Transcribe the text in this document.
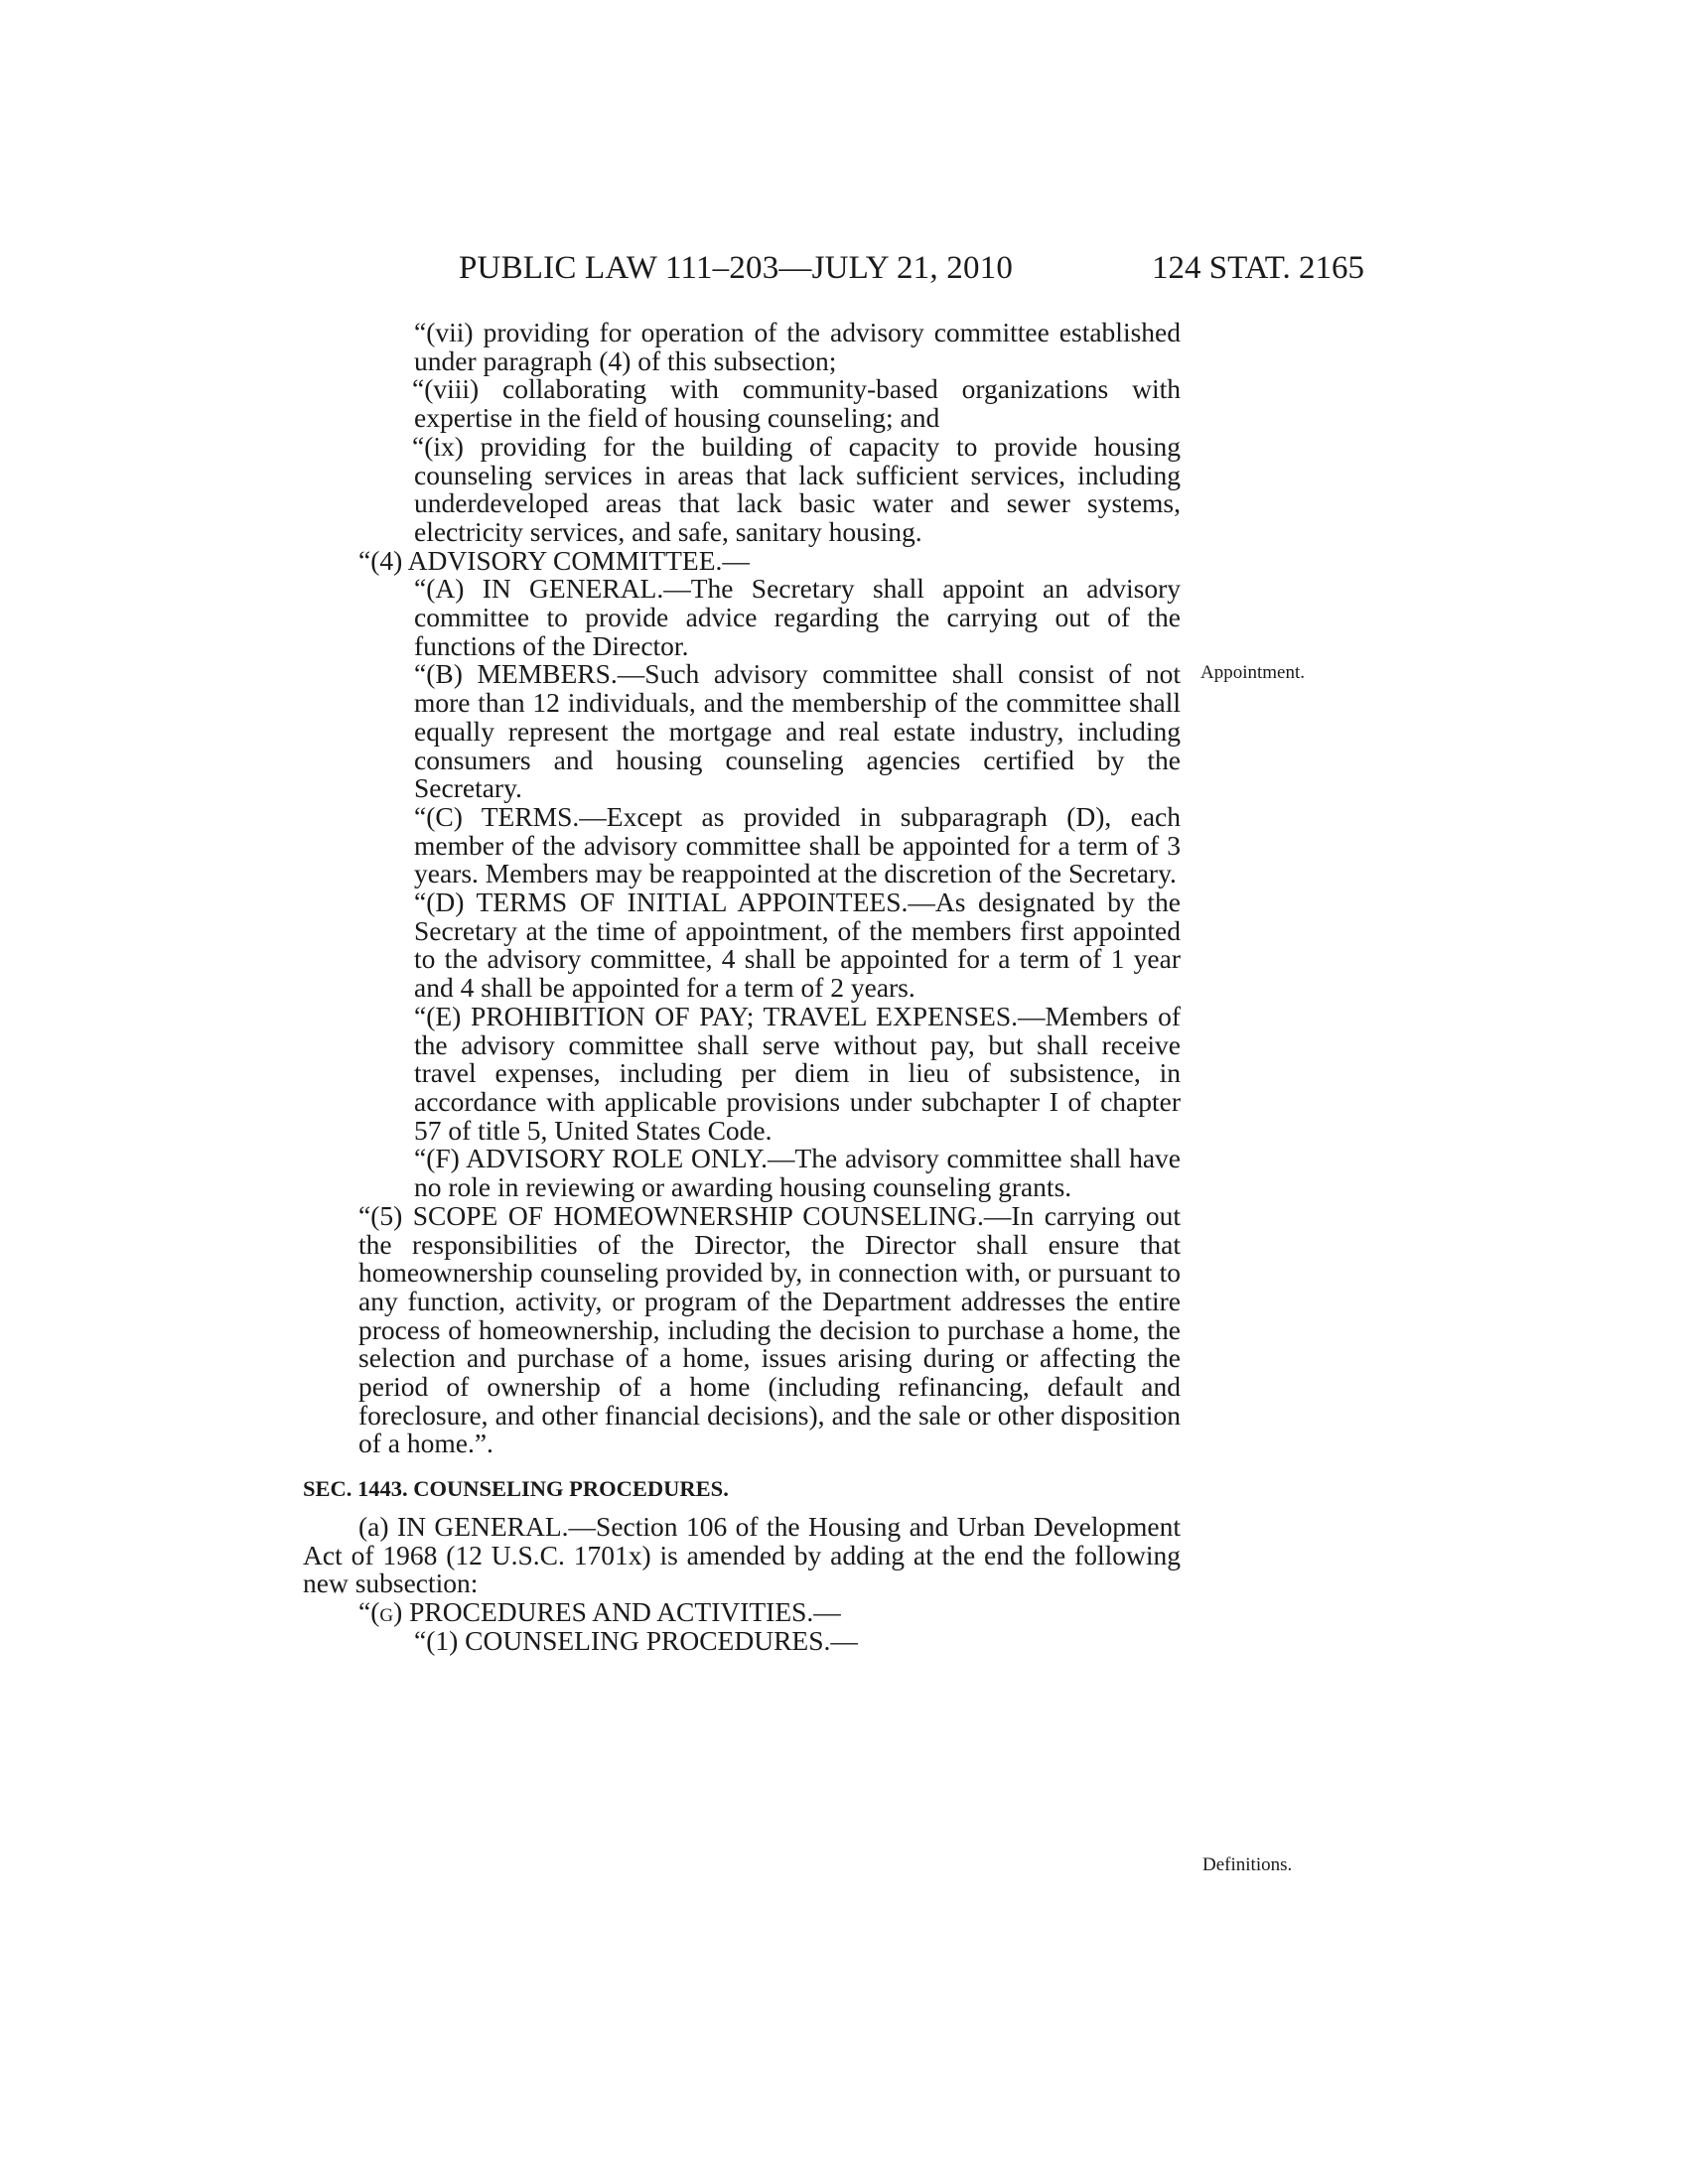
PUBLIC LAW 111–203—JULY 21, 2010	124 STAT. 2165
Appointment.
Definitions.

“(vii) providing for operation of the advisory committee established under paragraph (4) of this subsection;

“(viii) collaborating with community-based organizations with expertise in the field of housing counseling; and

“(ix) providing for the building of capacity to provide housing counseling services in areas that lack sufficient services, including underdeveloped areas that lack basic water and sewer systems, electricity services, and safe, sanitary housing.

“(4) ADVISORY COMMITTEE.—

“(A) IN GENERAL.—The Secretary shall appoint an advisory committee to provide advice regarding the carrying out of the functions of the Director.

“(B) MEMBERS.—Such advisory committee shall consist of not more than 12 individuals, and the membership of the committee shall equally represent the mortgage and real estate industry, including consumers and housing counseling agencies certified by the Secretary.

“(C) TERMS.—Except as provided in subparagraph (D), each member of the advisory committee shall be appointed for a term of 3 years. Members may be reappointed at the discretion of the Secretary.

“(D) TERMS OF INITIAL APPOINTEES.—As designated by the Secretary at the time of appointment, of the members first appointed to the advisory committee, 4 shall be appointed for a term of 1 year and 4 shall be appointed for a term of 2 years.

“(E) PROHIBITION OF PAY; TRAVEL EXPENSES.—Members of the advisory committee shall serve without pay, but shall receive travel expenses, including per diem in lieu of subsistence, in accordance with applicable provisions under subchapter I of chapter 57 of title 5, United States Code.

“(F) ADVISORY ROLE ONLY.—The advisory committee shall have no role in reviewing or awarding housing counseling grants.

“(5) SCOPE OF HOMEOWNERSHIP COUNSELING.—In carrying out the responsibilities of the Director, the Director shall ensure that homeownership counseling provided by, in connection with, or pursuant to any function, activity, or program of the Department addresses the entire process of homeownership, including the decision to purchase a home, the selection and purchase of a home, issues arising during or affecting the period of ownership of a home (including refinancing, default and foreclosure, and other financial decisions), and the sale or other disposition of a home.”.

SEC. 1443. COUNSELING PROCEDURES.

(a) IN GENERAL.—Section 106 of the Housing and Urban Development Act of 1968 (12 U.S.C. 1701x) is amended by adding at the end the following new subsection:

“(g) PROCEDURES AND ACTIVITIES.—

“(1) COUNSELING PROCEDURES.—
